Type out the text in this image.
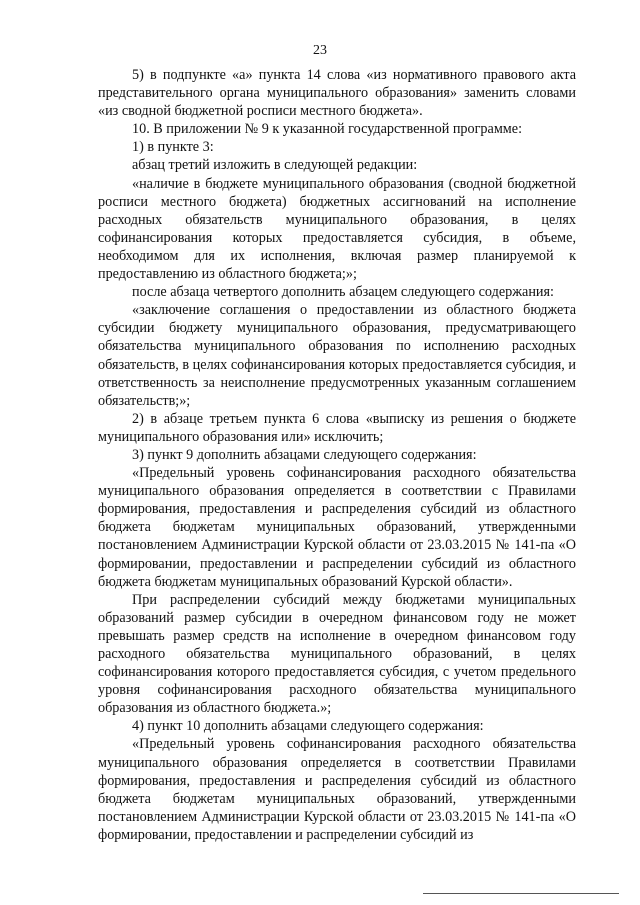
23

5) в подпункте «а» пункта 14 слова «из нормативного правового акта представительного органа муниципального образования» заменить словами «из сводной бюджетной росписи местного бюджета».

10. В приложении № 9 к указанной государственной программе:

1) в пункте 3:

абзац третий изложить в следующей редакции:

«наличие в бюджете муниципального образования (сводной бюджетной росписи местного бюджета) бюджетных ассигнований на исполнение расходных обязательств муниципального образования, в целях софинансирования которых предоставляется субсидия, в объеме, необходимом для их исполнения, включая размер планируемой к предоставлению из областного бюджета;»;

после абзаца четвертого дополнить абзацем следующего содержания:

«заключение соглашения о предоставлении из областного бюджета субсидии бюджету муниципального образования, предусматривающего обязательства муниципального образования по исполнению расходных обязательств, в целях софинансирования которых предоставляется субсидия, и ответственность за неисполнение предусмотренных указанным соглашением обязательств;»;

2) в абзаце третьем пункта 6 слова «выписку из решения о бюджете муниципального образования или» исключить;

3) пункт 9 дополнить абзацами следующего содержания:

«Предельный уровень софинансирования расходного обязательства муниципального образования определяется в соответствии с Правилами формирования, предоставления и распределения субсидий из областного бюджета бюджетам муниципальных образований, утвержденными постановлением Администрации Курской области от 23.03.2015 № 141-па «О формировании, предоставлении и распределении субсидий из областного бюджета бюджетам муниципальных образований Курской области».

При распределении субсидий между бюджетами муниципальных образований размер субсидии в очередном финансовом году не может превышать размер средств на исполнение в очередном финансовом году расходного обязательства муниципального образований, в целях софинансирования которого предоставляется субсидия, с учетом предельного уровня софинансирования расходного обязательства муниципального образования из областного бюджета.»;

4) пункт 10 дополнить абзацами следующего содержания:

«Предельный уровень софинансирования расходного обязательства муниципального образования определяется в соответствии Правилами формирования, предоставления и распределения субсидий из областного бюджета бюджетам муниципальных образований, утвержденными постановлением Администрации Курской области от 23.03.2015 № 141-па «О формировании, предоставлении и распределении субсидий из
